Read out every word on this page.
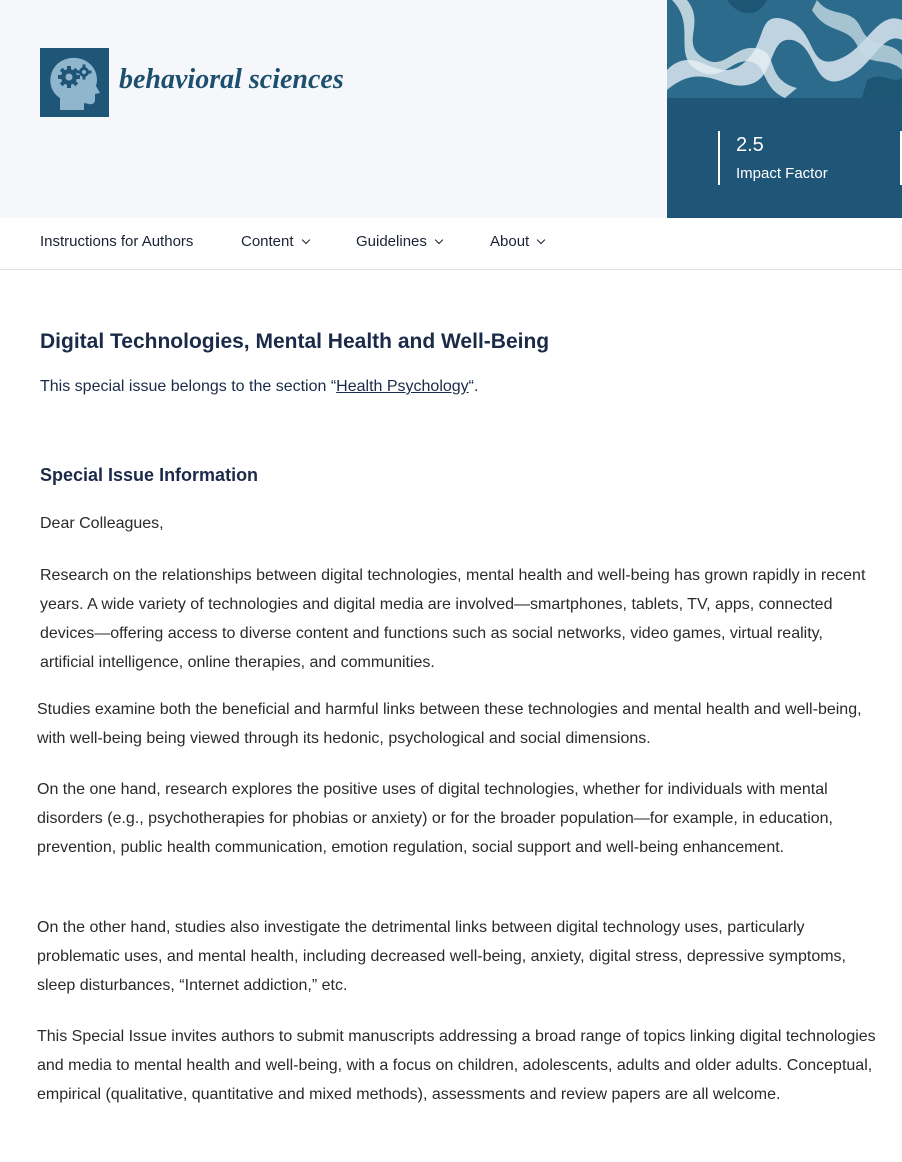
behavioral sciences
2.5
Impact Factor
Instructions for Authors	Content	Guidelines	About
Digital Technologies, Mental Health and Well-Being
This special issue belongs to the section “Health Psychology“.
Special Issue Information

Dear Colleagues,

Research on the relationships between digital technologies, mental health and well-being has grown rapidly in recent years. A wide variety of technologies and digital media are involved—smartphones, tablets, TV, apps, connected devices—offering access to diverse content and functions such as social networks, video games, virtual reality, artificial intelligence, online therapies, and communities.

Studies examine both the beneficial and harmful links between these technologies and mental health and well-being, with well-being being viewed through its hedonic, psychological and social dimensions.

On the one hand, research explores the positive uses of digital technologies, whether for individuals with mental disorders (e.g., psychotherapies for phobias or anxiety) or for the broader population—for example, in education, prevention, public health communication, emotion regulation, social support and well-being enhancement.

On the other hand, studies also investigate the detrimental links between digital technology uses, particularly problematic uses, and mental health, including decreased well-being, anxiety, digital stress, depressive symptoms, sleep disturbances, “Internet addiction,” etc.

This Special Issue invites authors to submit manuscripts addressing a broad range of topics linking digital technologies and media to mental health and well-being, with a focus on children, adolescents, adults and older adults. Conceptual, empirical (qualitative, quantitative and mixed methods), assessments and review papers are all welcome.
